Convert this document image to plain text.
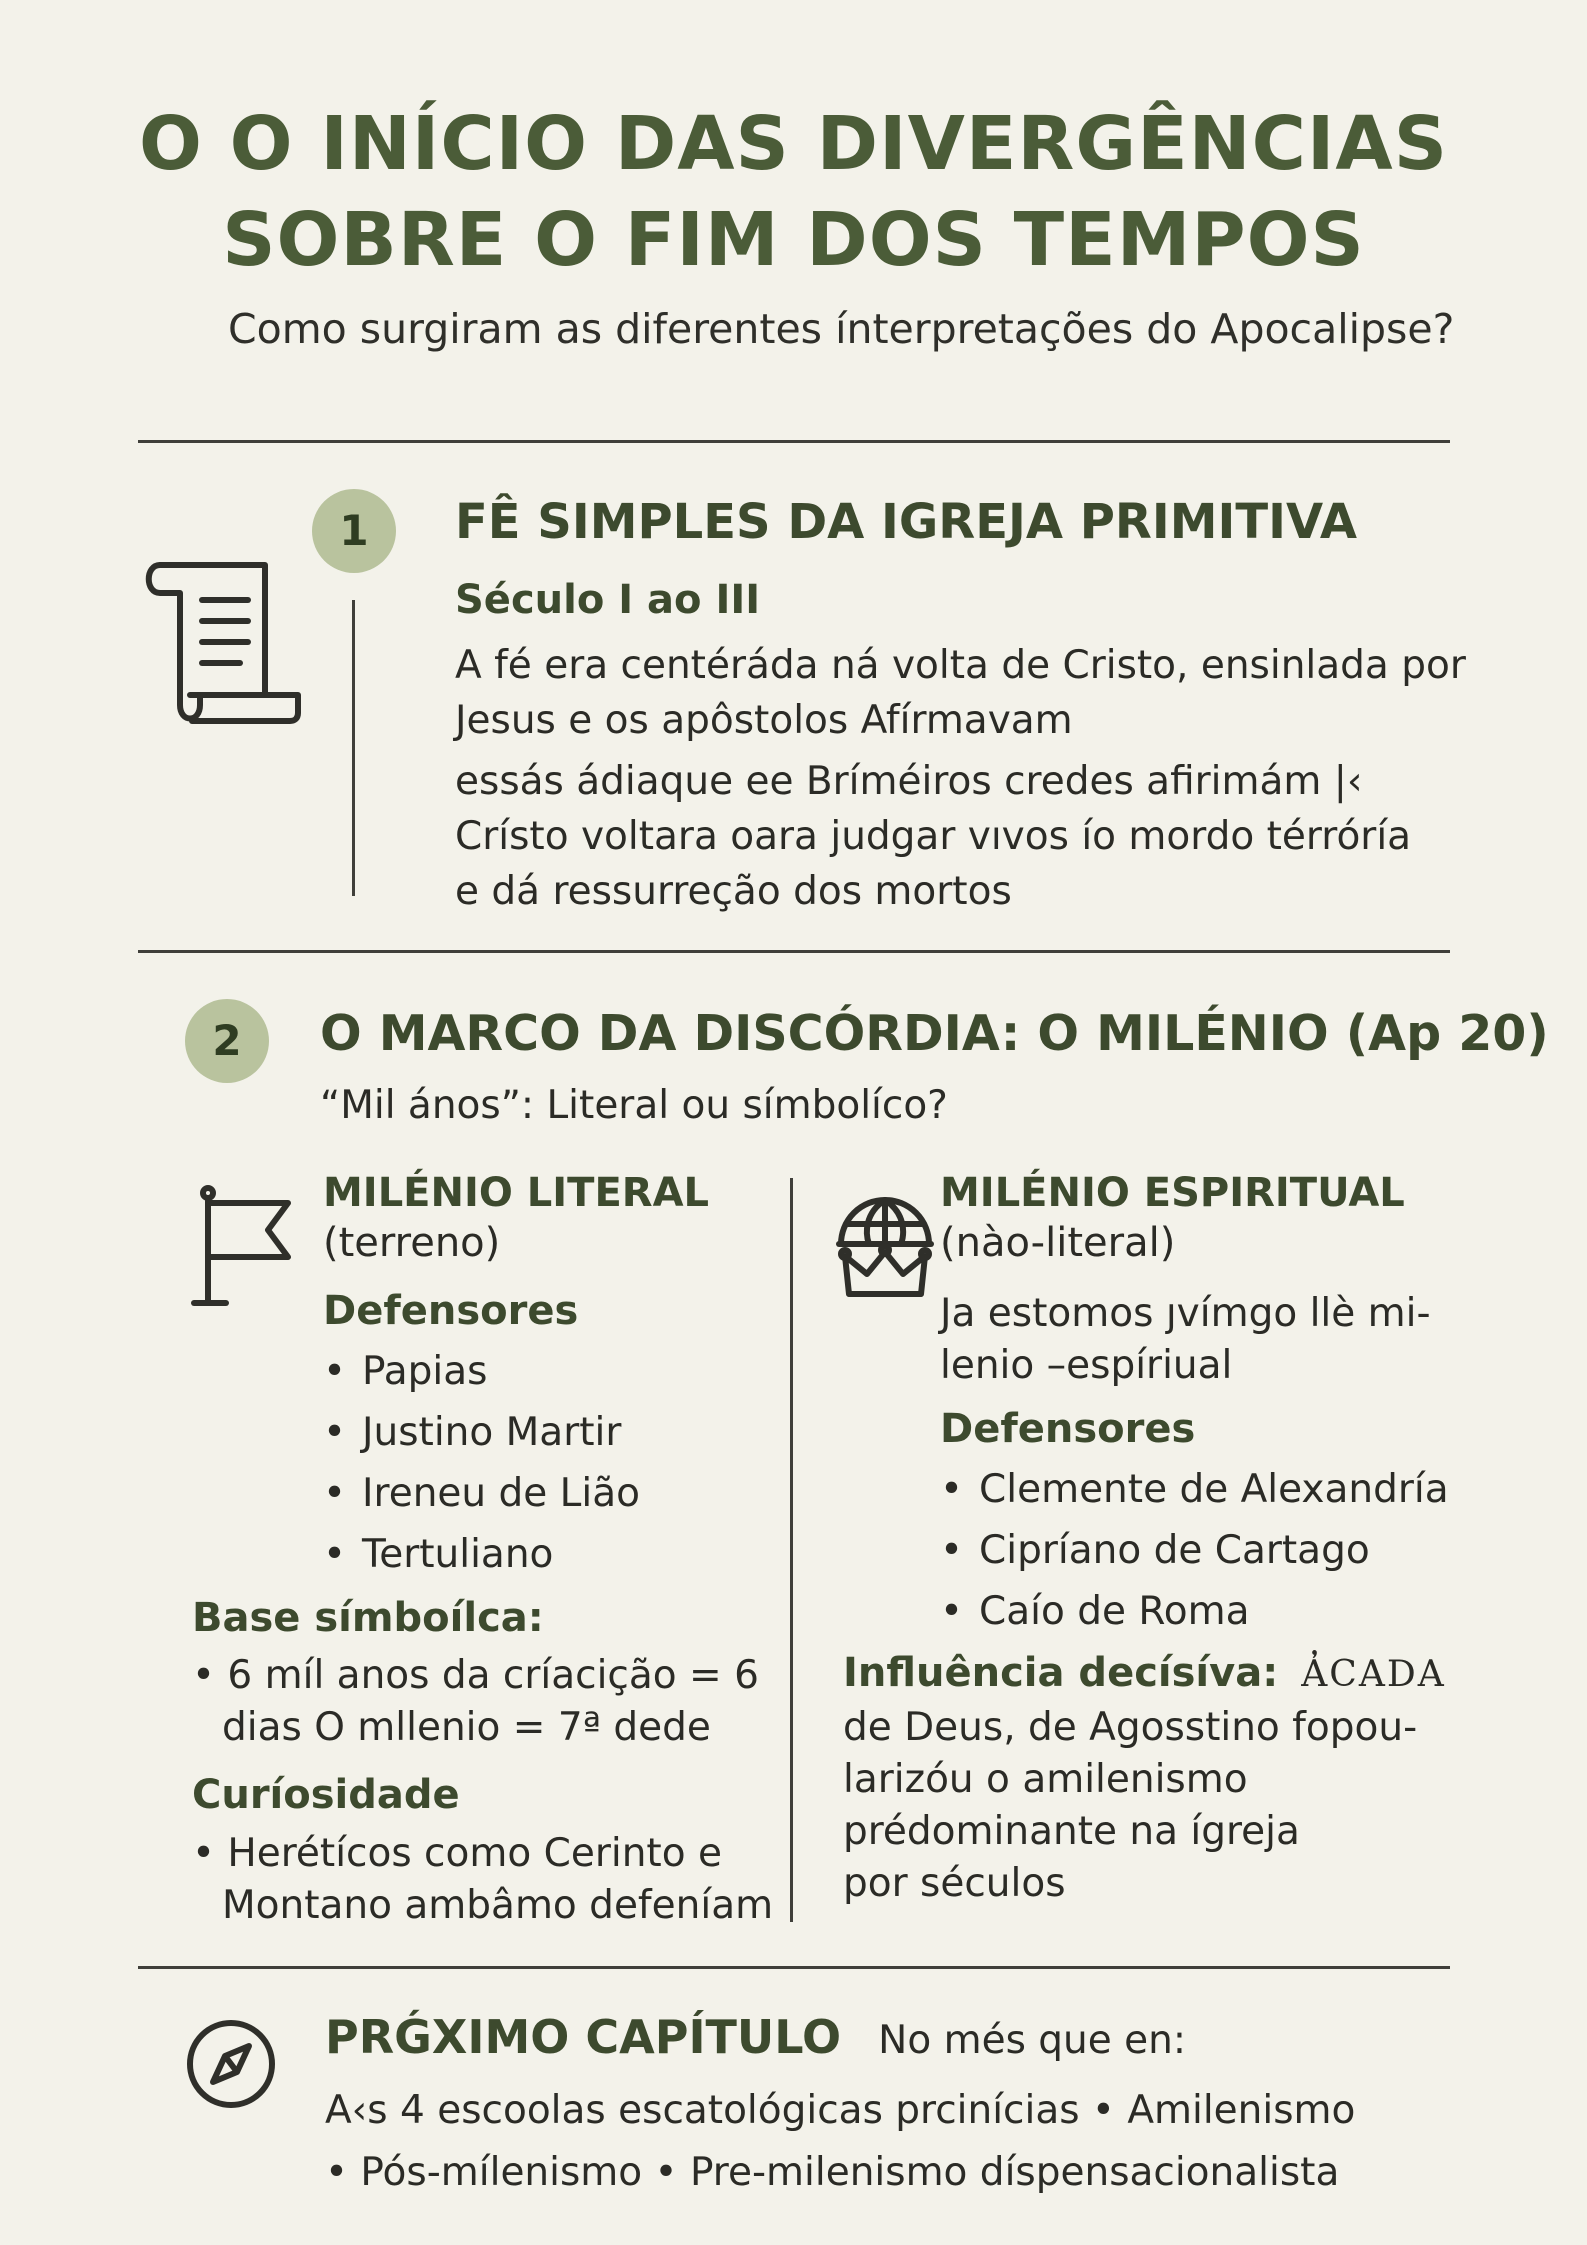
O O INÍCIO DAS DIVERGÊNCIAS
SOBRE O FIM DOS TEMPOS
Como surgiram as diferentes ínterpretações do Apocalipse?
1	FÊ SIMPLES DA IGREJA PRIMITIVA
Século I ao III
A fé era centéráda ná volta de Cristo, ensinlada por
Jesus e os apôstolos Afírmavam
essás ádiaque ee Bríméiros credes afirimám |‹
Crísto voltara oara judgar vıvos ío mordo térróría
e dá ressurreção dos mortos
2	O MARCO DA DISCÓRDIA: O MILÉNIO (Ap 20)
“Mil ános”: Literal ou símbolíco?
MILÉNIO LITERAL
(terreno)
Defensores
• Papias
• Justino Martir
• Ireneu de Lião
• Tertuliano
Base símboílca:
• 6 míl anos da críacição = 6
dias O mllenio = 7ª dede
Curíosidade
• Herétícos como Cerinto e
Montano ambâmo defeníam
MILÉNIO ESPIRITUAL
(nào-literal)
Ja estomos ȷvímgo llè mi-
lenio –espíriual
Defensores
• Clemente de Alexandría
• Cipríano de Cartago
• Caío de Roma
Influência decísíva: A̓CADA
de Deus, de Agosstino fopou-
larizóu o amilenismo
prédominante na ígreja
por séculos
PRǴXIMO CAPÍTULO No més que en:
A‹s 4 escoolas escatológicas prcinícias • Amilenismo
• Pós-mílenismo • Pre-milenismo díspensacionalista
